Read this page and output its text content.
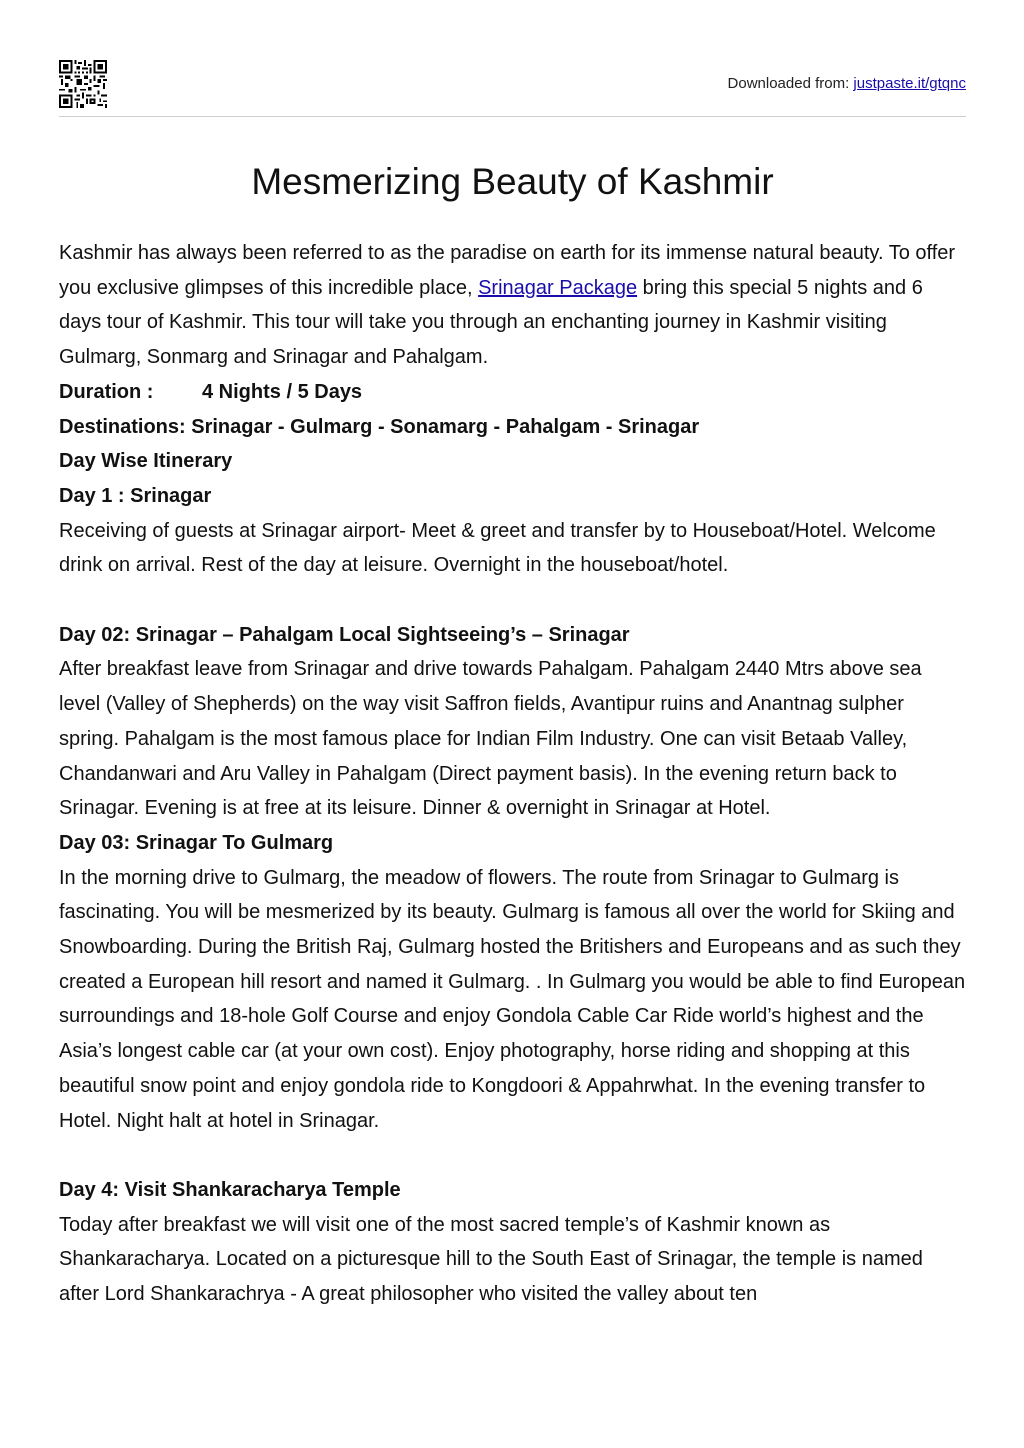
Downloaded from: justpaste.it/gtqnc
Mesmerizing Beauty of Kashmir

Kashmir has always been referred to as the paradise on earth for its immense natural beauty. To offer you exclusive glimpses of this incredible place, Srinagar Package bring this special 5 nights and 6 days tour of Kashmir. This tour will take you through an enchanting journey in Kashmir visiting Gulmarg, Sonmarg and Srinagar and Pahalgam.

Duration : 4 Nights / 5 Days

Destinations: Srinagar - Gulmarg - Sonamarg - Pahalgam - Srinagar

Day Wise Itinerary

Day 1 : Srinagar

Receiving of guests at Srinagar airport- Meet & greet and transfer by to Houseboat/Hotel. Welcome drink on arrival. Rest of the day at leisure. Overnight in the houseboat/hotel.

Day 02: Srinagar – Pahalgam Local Sightseeing’s – Srinagar

After breakfast leave from Srinagar and drive towards Pahalgam. Pahalgam 2440 Mtrs above sea level (Valley of Shepherds) on the way visit Saffron fields, Avantipur ruins and Anantnag sulpher spring. Pahalgam is the most famous place for Indian Film Industry. One can visit Betaab Valley, Chandanwari and Aru Valley in Pahalgam (Direct payment basis). In the evening return back to Srinagar. Evening is at free at its leisure. Dinner & overnight in Srinagar at Hotel.

Day 03: Srinagar To Gulmarg

In the morning drive to Gulmarg, the meadow of flowers. The route from Srinagar to Gulmarg is fascinating. You will be mesmerized by its beauty. Gulmarg is famous all over the world for Skiing and Snowboarding. During the British Raj, Gulmarg hosted the Britishers and Europeans and as such they created a European hill resort and named it Gulmarg. . In Gulmarg you would be able to find European surroundings and 18-hole Golf Course and enjoy Gondola Cable Car Ride world’s highest and the Asia’s longest cable car (at your own cost). Enjoy photography, horse riding and shopping at this beautiful snow point and enjoy gondola ride to Kongdoori & Appahrwhat. In the evening transfer to Hotel. Night halt at hotel in Srinagar.

Day 4: Visit Shankaracharya Temple

Today after breakfast we will visit one of the most sacred temple’s of Kashmir known as Shankaracharya. Located on a picturesque hill to the South East of Srinagar, the temple is named after Lord Shankarachrya - A great philosopher who visited the valley about ten
